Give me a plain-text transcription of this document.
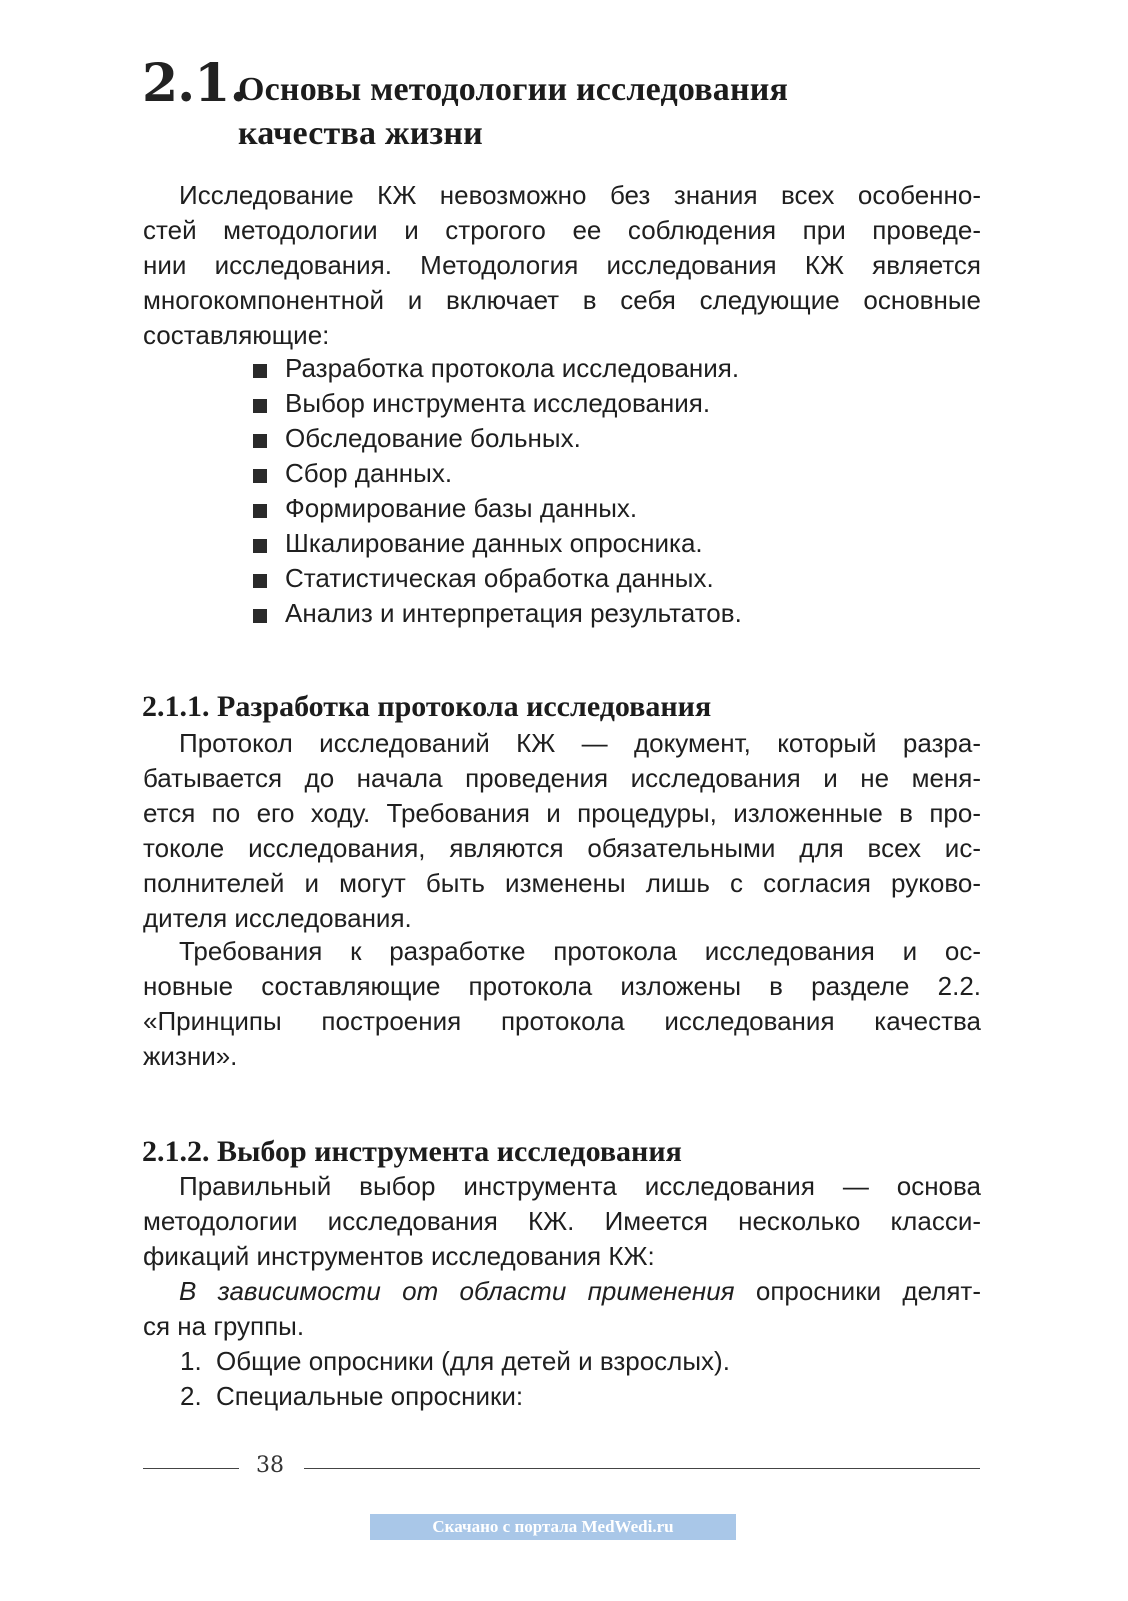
2.1.
Основы методологии исследования
качества жизни
Исследование КЖ невозможно без знания всех особенно-
стей методологии и строгого ее соблюдения при проведе-
нии исследования. Методология исследования КЖ является
многокомпонентной и включает в себя следующие основные
составляющие:
Разработка протокола исследования.
Выбор инструмента исследования.
Обследование больных.
Сбор данных.
Формирование базы данных.
Шкалирование данных опросника.
Статистическая обработка данных.
Анализ и интерпретация результатов.
2.1.1. Разработка протокола исследования
Протокол исследований КЖ — документ, который разра-
батывается до начала проведения исследования и не меня-
ется по его ходу. Требования и процедуры, изложенные в про-
токоле исследования, являются обязательными для всех ис-
полнителей и могут быть изменены лишь с согласия руково-
дителя исследования.
Требования к разработке протокола исследования и ос-
новные составляющие протокола изложены в разделе 2.2.
«Принципы построения протокола исследования качества
жизни».
2.1.2. Выбор инструмента исследования
Правильный выбор инструмента исследования — основа
методологии исследования КЖ. Имеется несколько класси-
фикаций инструментов исследования КЖ:
В зависимости от области применения опросники делят-
ся на группы.
1. Общие опросники (для детей и взрослых).
2. Специальные опросники:
38
Скачано с портала MedWedi.ru
